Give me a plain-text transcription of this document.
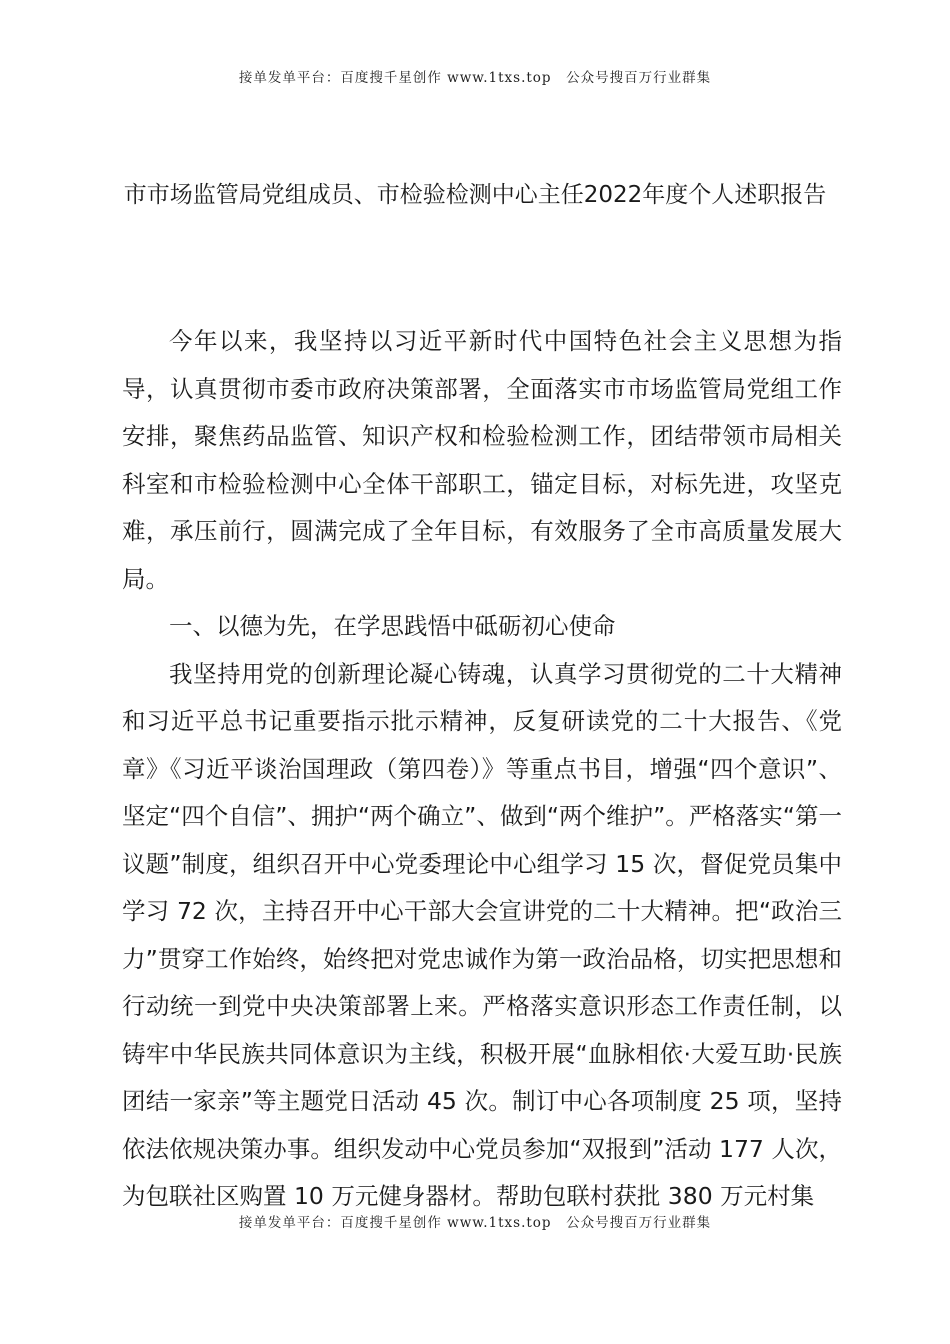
接单发单平台：百度搜千星创作 www.1txs.top　公众号搜百万行业群集
市市场监管局党组成员、市检验检测中心主任2022年度个人述职报告

今年以来，我坚持以习近平新时代中国特色社会主义思想为指导，认真贯彻市委市政府决策部署，全面落实市市场监管局党组工作安排，聚焦药品监管、知识产权和检验检测工作，团结带领市局相关科室和市检验检测中心全体干部职工，锚定目标，对标先进，攻坚克难，承压前行，圆满完成了全年目标，有效服务了全市高质量发展大局。

一、以德为先，在学思践悟中砥砺初心使命

我坚持用党的创新理论凝心铸魂，认真学习贯彻党的二十大精神和习近平总书记重要指示批示精神，反复研读党的二十大报告、《党章》《习近平谈治国理政（第四卷）》等重点书目，增强“四个意识”、坚定“四个自信”、拥护“两个确立”、做到“两个维护”。严格落实“第一议题”制度，组织召开中心党委理论中心组学习 15 次，督促党员集中学习 72 次，主持召开中心干部大会宣讲党的二十大精神。把“政治三力”贯穿工作始终，始终把对党忠诚作为第一政治品格，切实把思想和行动统一到党中央决策部署上来。严格落实意识形态工作责任制，以铸牢中华民族共同体意识为主线，积极开展“血脉相依·大爱互助·民族团结一家亲”等主题党日活动 45 次。制订中心各项制度 25 项，坚持依法依规决策办事。组织发动中心党员参加“双报到”活动 177 人次，为包联社区购置 10 万元健身器材。帮助包联村获批 380 万元村集

接单发单平台：百度搜千星创作 www.1txs.top　公众号搜百万行业群集
